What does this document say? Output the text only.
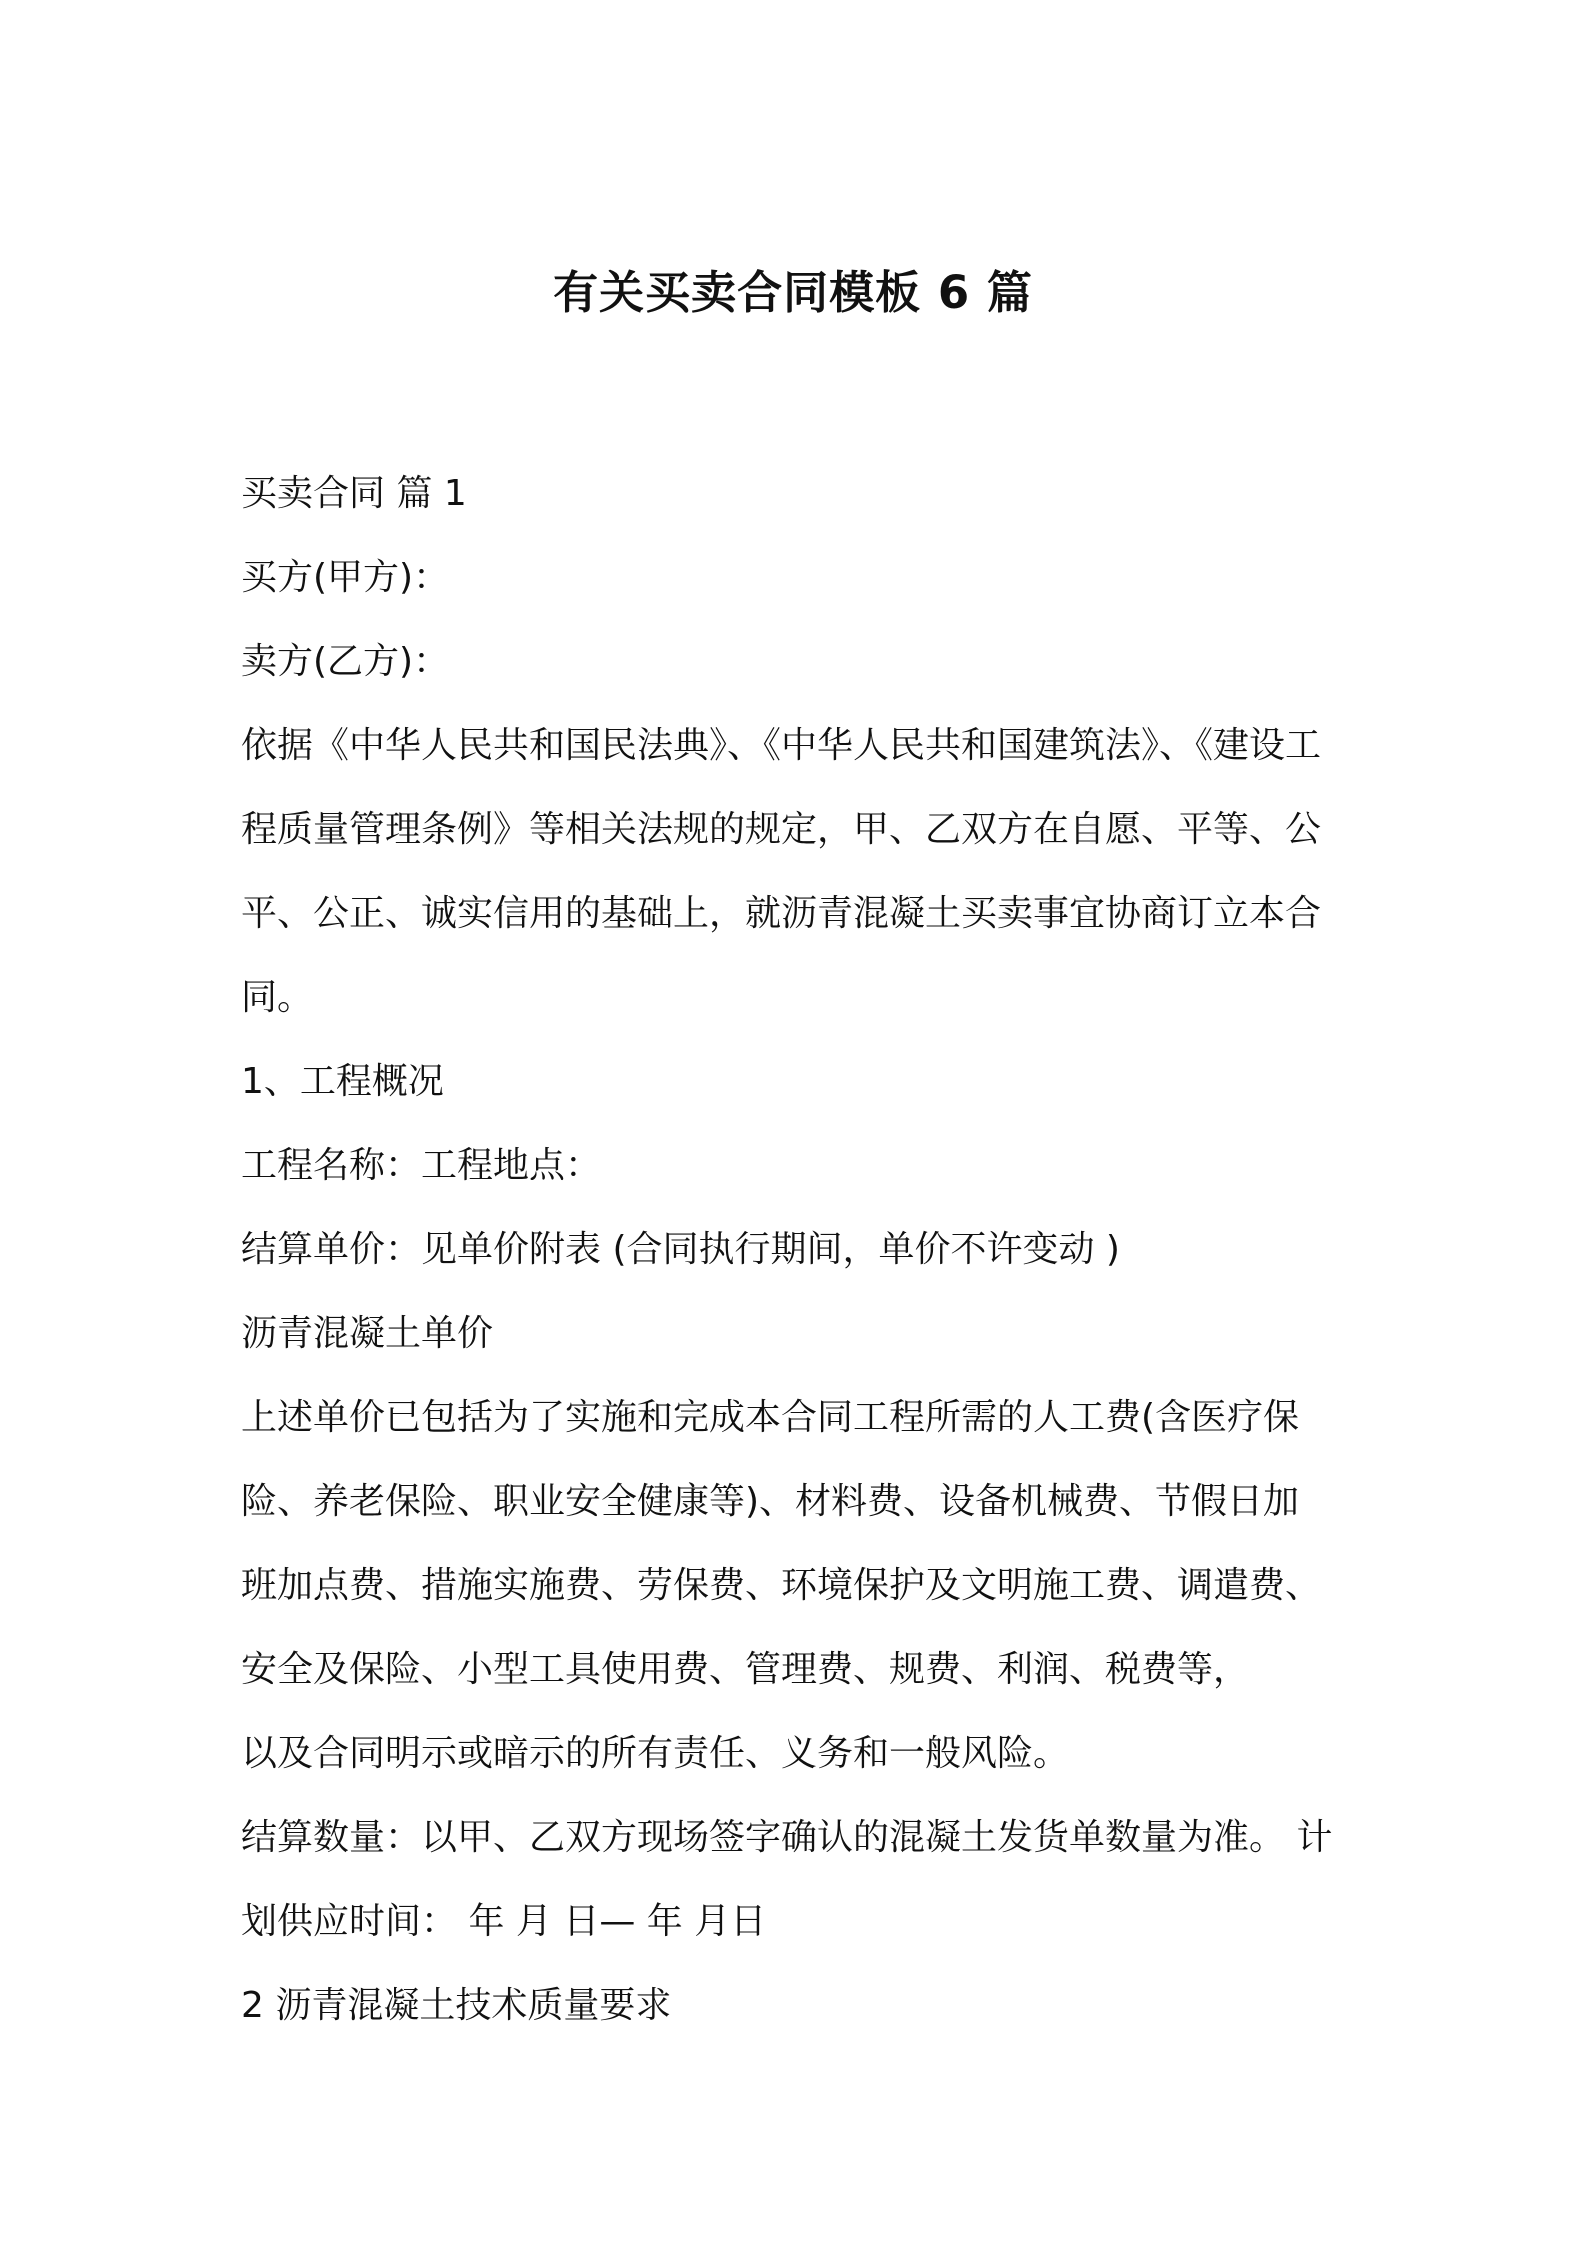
有关买卖合同模板 6 篇

买卖合同 篇 1

买方(甲方)：

卖方(乙方)：

依据《中华人民共和国民法典》、《中华人民共和国建筑法》、《建设工

程质量管理条例》等相关法规的规定，甲、乙双方在自愿、平等、公

平、公正、诚实信用的基础上，就沥青混凝土买卖事宜协商订立本合

同。

1、工程概况

工程名称：工程地点：

结算单价：见单价附表 (合同执行期间，单价不许变动 )

沥青混凝土单价

上述单价已包括为了实施和完成本合同工程所需的人工费(含医疗保

险、养老保险、职业安全健康等)、材料费、设备机械费、节假日加

班加点费、措施实施费、劳保费、环境保护及文明施工费、调遣费、

安全及保险、小型工具使用费、管理费、规费、利润、税费等，

以及合同明示或暗示的所有责任、义务和一般风险。

结算数量：以甲、乙双方现场签字确认的混凝土发货单数量为准。 计

划供应时间： 年 月 日— 年 月日

2 沥青混凝土技术质量要求
